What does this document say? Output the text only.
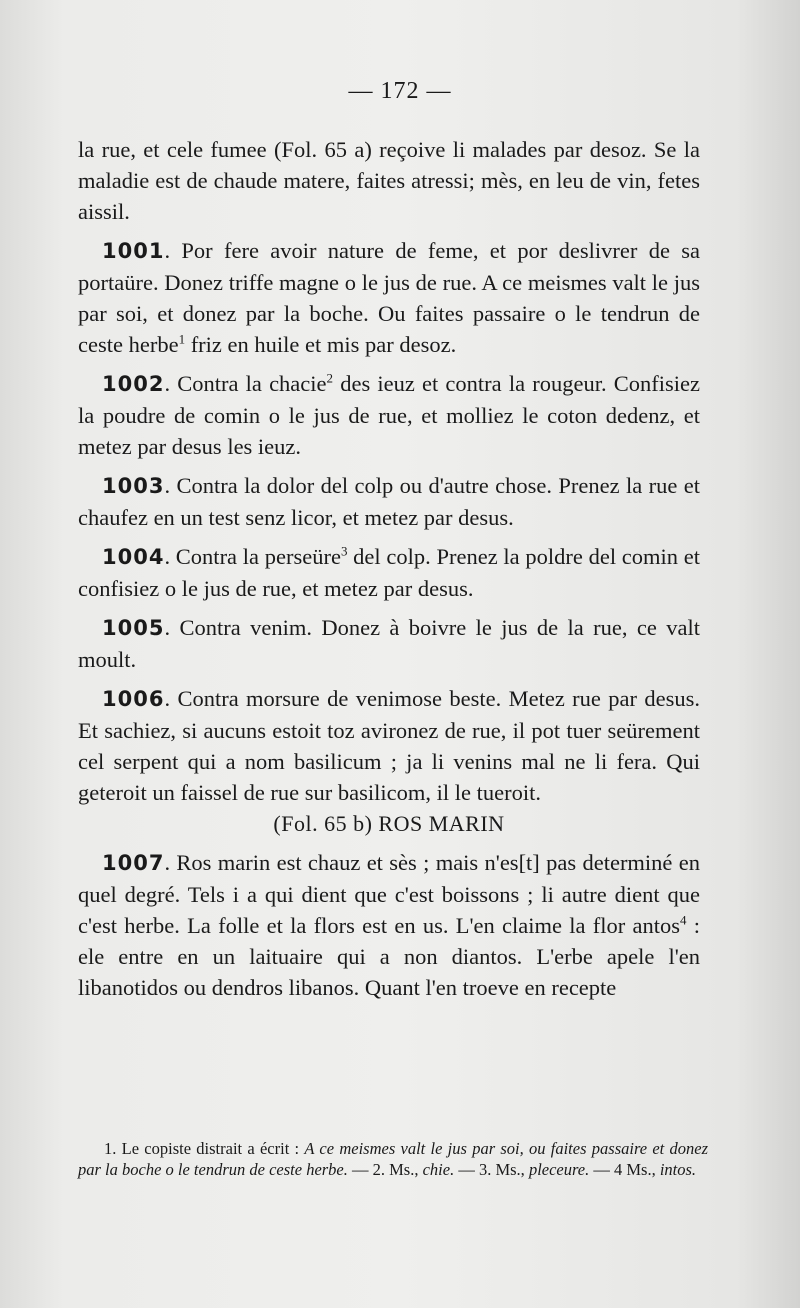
— 172 —

la rue, et cele fumee (Fol. 65 a) reçoive li malades par desoz. Se la maladie est de chaude matere, faites atressi; mès, en leu de vin, fetes aissil.

1001. Por fere avoir nature de feme, et por deslivrer de sa portaüre. Donez triffe magne o le jus de rue. A ce meismes valt le jus par soi, et donez par la boche. Ou faites passaire o le tendrun de ceste herbe$^1$ friz en huile et mis par desoz.

1002. Contra la chacie$^2$ des ieuz et contra la rougeur. Confisiez la poudre de comin o le jus de rue, et molliez le coton dedenz, et metez par desus les ieuz.

1003. Contra la dolor del colp ou d'autre chose. Prenez la rue et chaufez en un test senz licor, et metez par desus.

1004. Contra la perseüre$^3$ del colp. Prenez la poldre del comin et confisiez o le jus de rue, et metez par desus.

1005. Contra venim. Donez à boivre le jus de la rue, ce valt moult.

1006. Contra morsure de venimose beste. Metez rue par desus. Et sachiez, si aucuns estoit toz avironez de rue, il pot tuer seürement cel serpent qui a nom basilicum ; ja li venins mal ne li fera. Qui geteroit un faissel de rue sur basilicom, il le tueroit.

(Fol. 65 b) ROS MARIN

1007. Ros marin est chauz et sès ; mais n'es[t] pas determiné en quel degré. Tels i a qui dient que c'est boissons ; li autre dient que c'est herbe. La folle et la flors est en us. L'en claime la flor antos$^4$ : ele entre en un laituaire qui a non diantos. L'erbe apele l'en libanotidos ou dendros libanos. Quant l'en troeve en recepte

1. Le copiste distrait a écrit : A ce meismes valt le jus par soi, ou faites passaire et donez par la boche o le tendrun de ceste herbe. — 2. Ms., chie. — 3. Ms., pleceure. — 4 Ms., intos.
